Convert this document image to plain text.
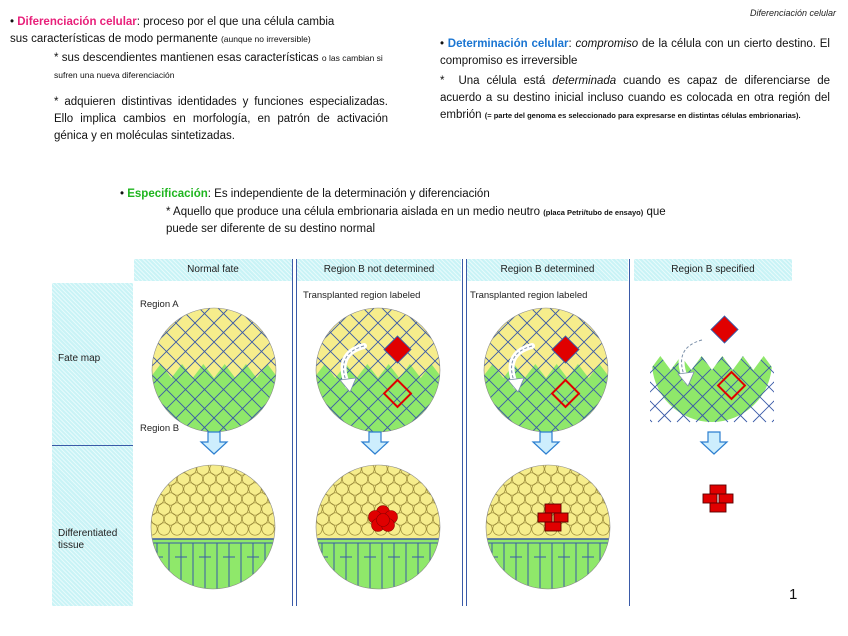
Diferenciación celular
• Diferenciación celular: proceso por el que una célula cambia
sus características de modo permanente (aunque no irreversible)
* sus descendientes mantienen esas características o las cambian si sufren una nueva diferenciación
* adquieren distintivas identidades y funciones especializadas. Ello implica cambios en morfología, en patrón de activación génica y en moléculas sintetizadas.
• Determinación celular: compromiso de la célula con un cierto destino. El compromiso es irreversible
* Una célula está determinada cuando es capaz de diferenciarse de acuerdo a su destino inicial incluso cuando es colocada en otra región del embrión (= parte del genoma es seleccionado para expresarse en distintas células embrionarias).
• Especificación: Es independiente de la determinación y diferenciación
* Aquello que produce una célula embrionaria aislada en un medio neutro (placa Petri/tubo de ensayo) que
puede ser diferente de su destino normal
Normal fate	Region B not determined	Region B determined	Region B specified
Fate map
Differentiated tissue
Region A
Region B
Transplanted region labeled	Transplanted region labeled
1
